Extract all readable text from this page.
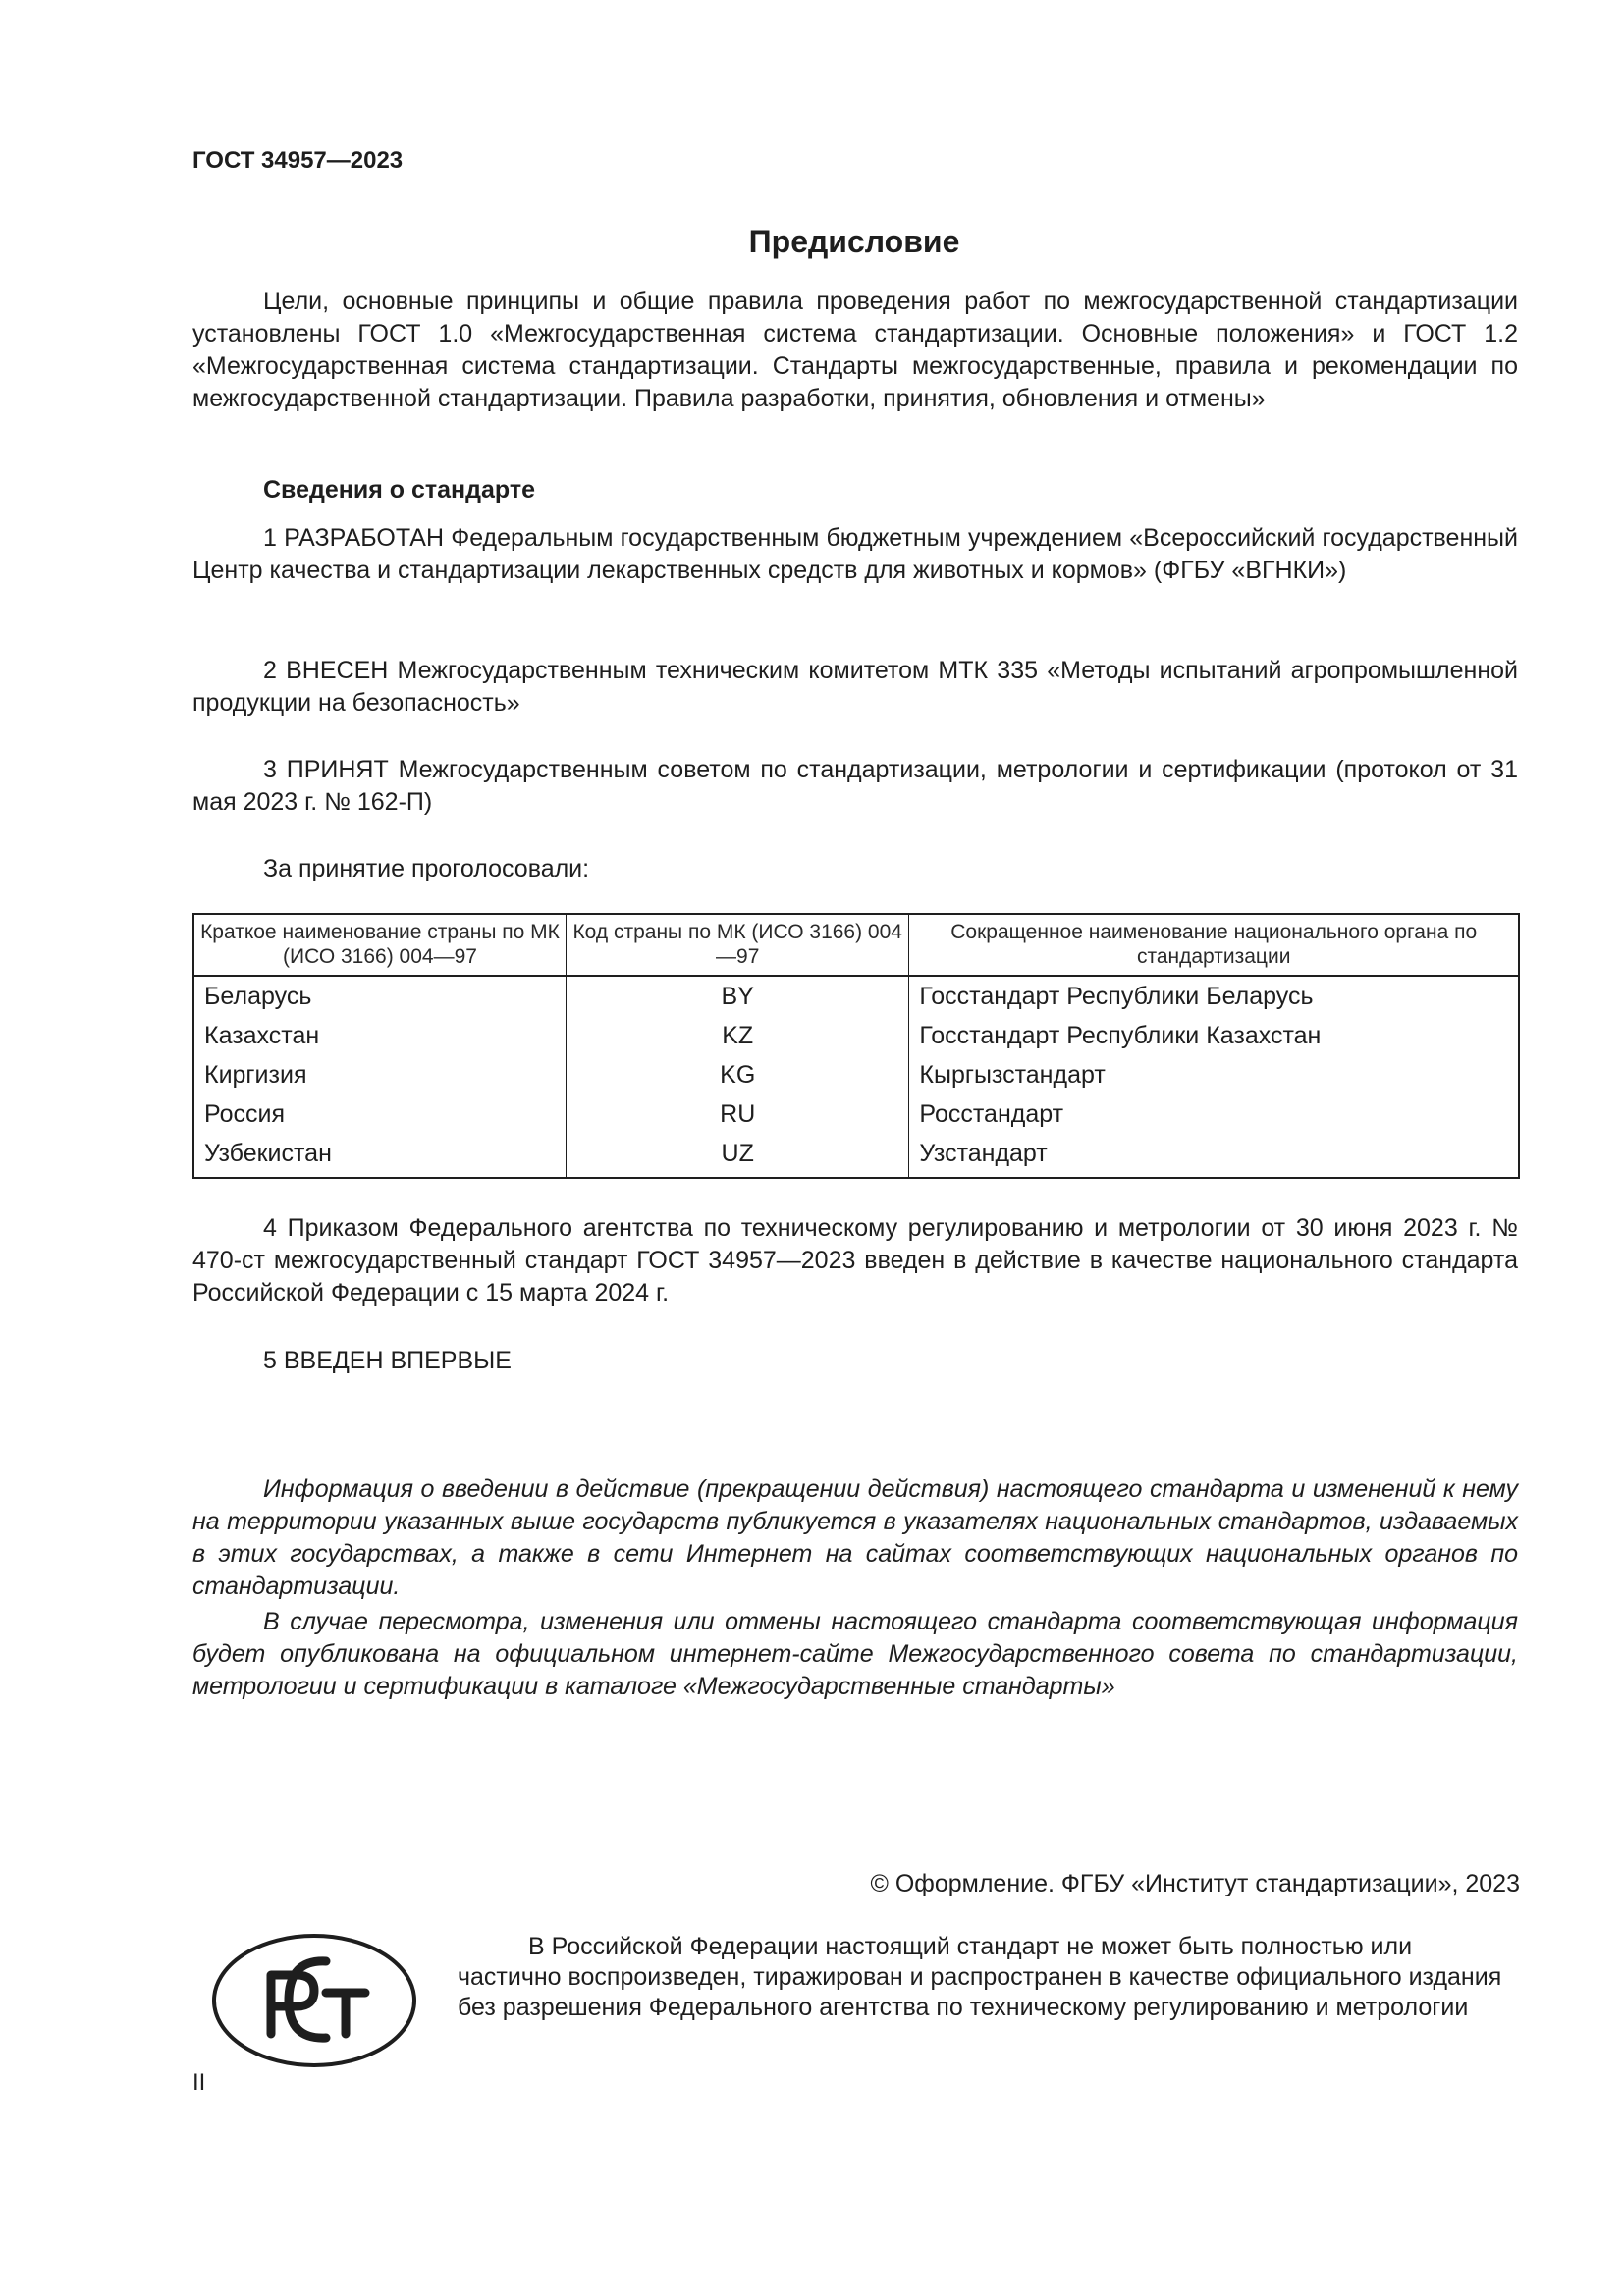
ГОСТ 34957—2023
Предисловие

Цели, основные принципы и общие правила проведения работ по межгосударственной стандартизации установлены ГОСТ 1.0 «Межгосударственная система стандартизации. Основные положения» и ГОСТ 1.2 «Межгосударственная система стандартизации. Стандарты межгосударственные, правила и рекомендации по межгосударственной стандартизации. Правила разработки, принятия, обновления и отмены»

Сведения о стандарте

1 РАЗРАБОТАН Федеральным государственным бюджетным учреждением «Всероссийский государственный Центр качества и стандартизации лекарственных средств для животных и кормов» (ФГБУ «ВГНКИ»)

2 ВНЕСЕН Межгосударственным техническим комитетом МТК 335 «Методы испытаний агропромышленной продукции на безопасность»

3 ПРИНЯТ Межгосударственным советом по стандартизации, метрологии и сертификации (протокол от 31 мая 2023 г. № 162-П)

За принятие проголосовали:

Краткое наименование страны по МК (ИСО 3166) 004—97	Код страны по МК (ИСО 3166) 004—97	Сокращенное наименование национального органа по стандартизации
Беларусь	BY	Госстандарт Республики Беларусь
Казахстан	KZ	Госстандарт Республики Казахстан
Киргизия	KG	Кыргызстандарт
Россия	RU	Росстандарт
Узбекистан	UZ	Узстандарт

4 Приказом Федерального агентства по техническому регулированию и метрологии от 30 июня 2023 г. № 470-ст межгосударственный стандарт ГОСТ 34957—2023 введен в действие в качестве национального стандарта Российской Федерации с 15 марта 2024 г.

5 ВВЕДЕН ВПЕРВЫЕ

Информация о введении в действие (прекращении действия) настоящего стандарта и изменений к нему на территории указанных выше государств публикуется в указателях национальных стандартов, издаваемых в этих государствах, а также в сети Интернет на сайтах соответствующих национальных органов по стандартизации.

В случае пересмотра, изменения или отмены настоящего стандарта соответствующая информация будет опубликована на официальном интернет-сайте Межгосударственного совета по стандартизации, метрологии и сертификации в каталоге «Межгосударственные стандарты»

© Оформление. ФГБУ «Институт стандартизации», 2023

В Российской Федерации настоящий стандарт не может быть полностью или частично воспроизведен, тиражирован и распространен в качестве официального издания без разрешения Федерального агентства по техническому регулированию и метрологии

II
